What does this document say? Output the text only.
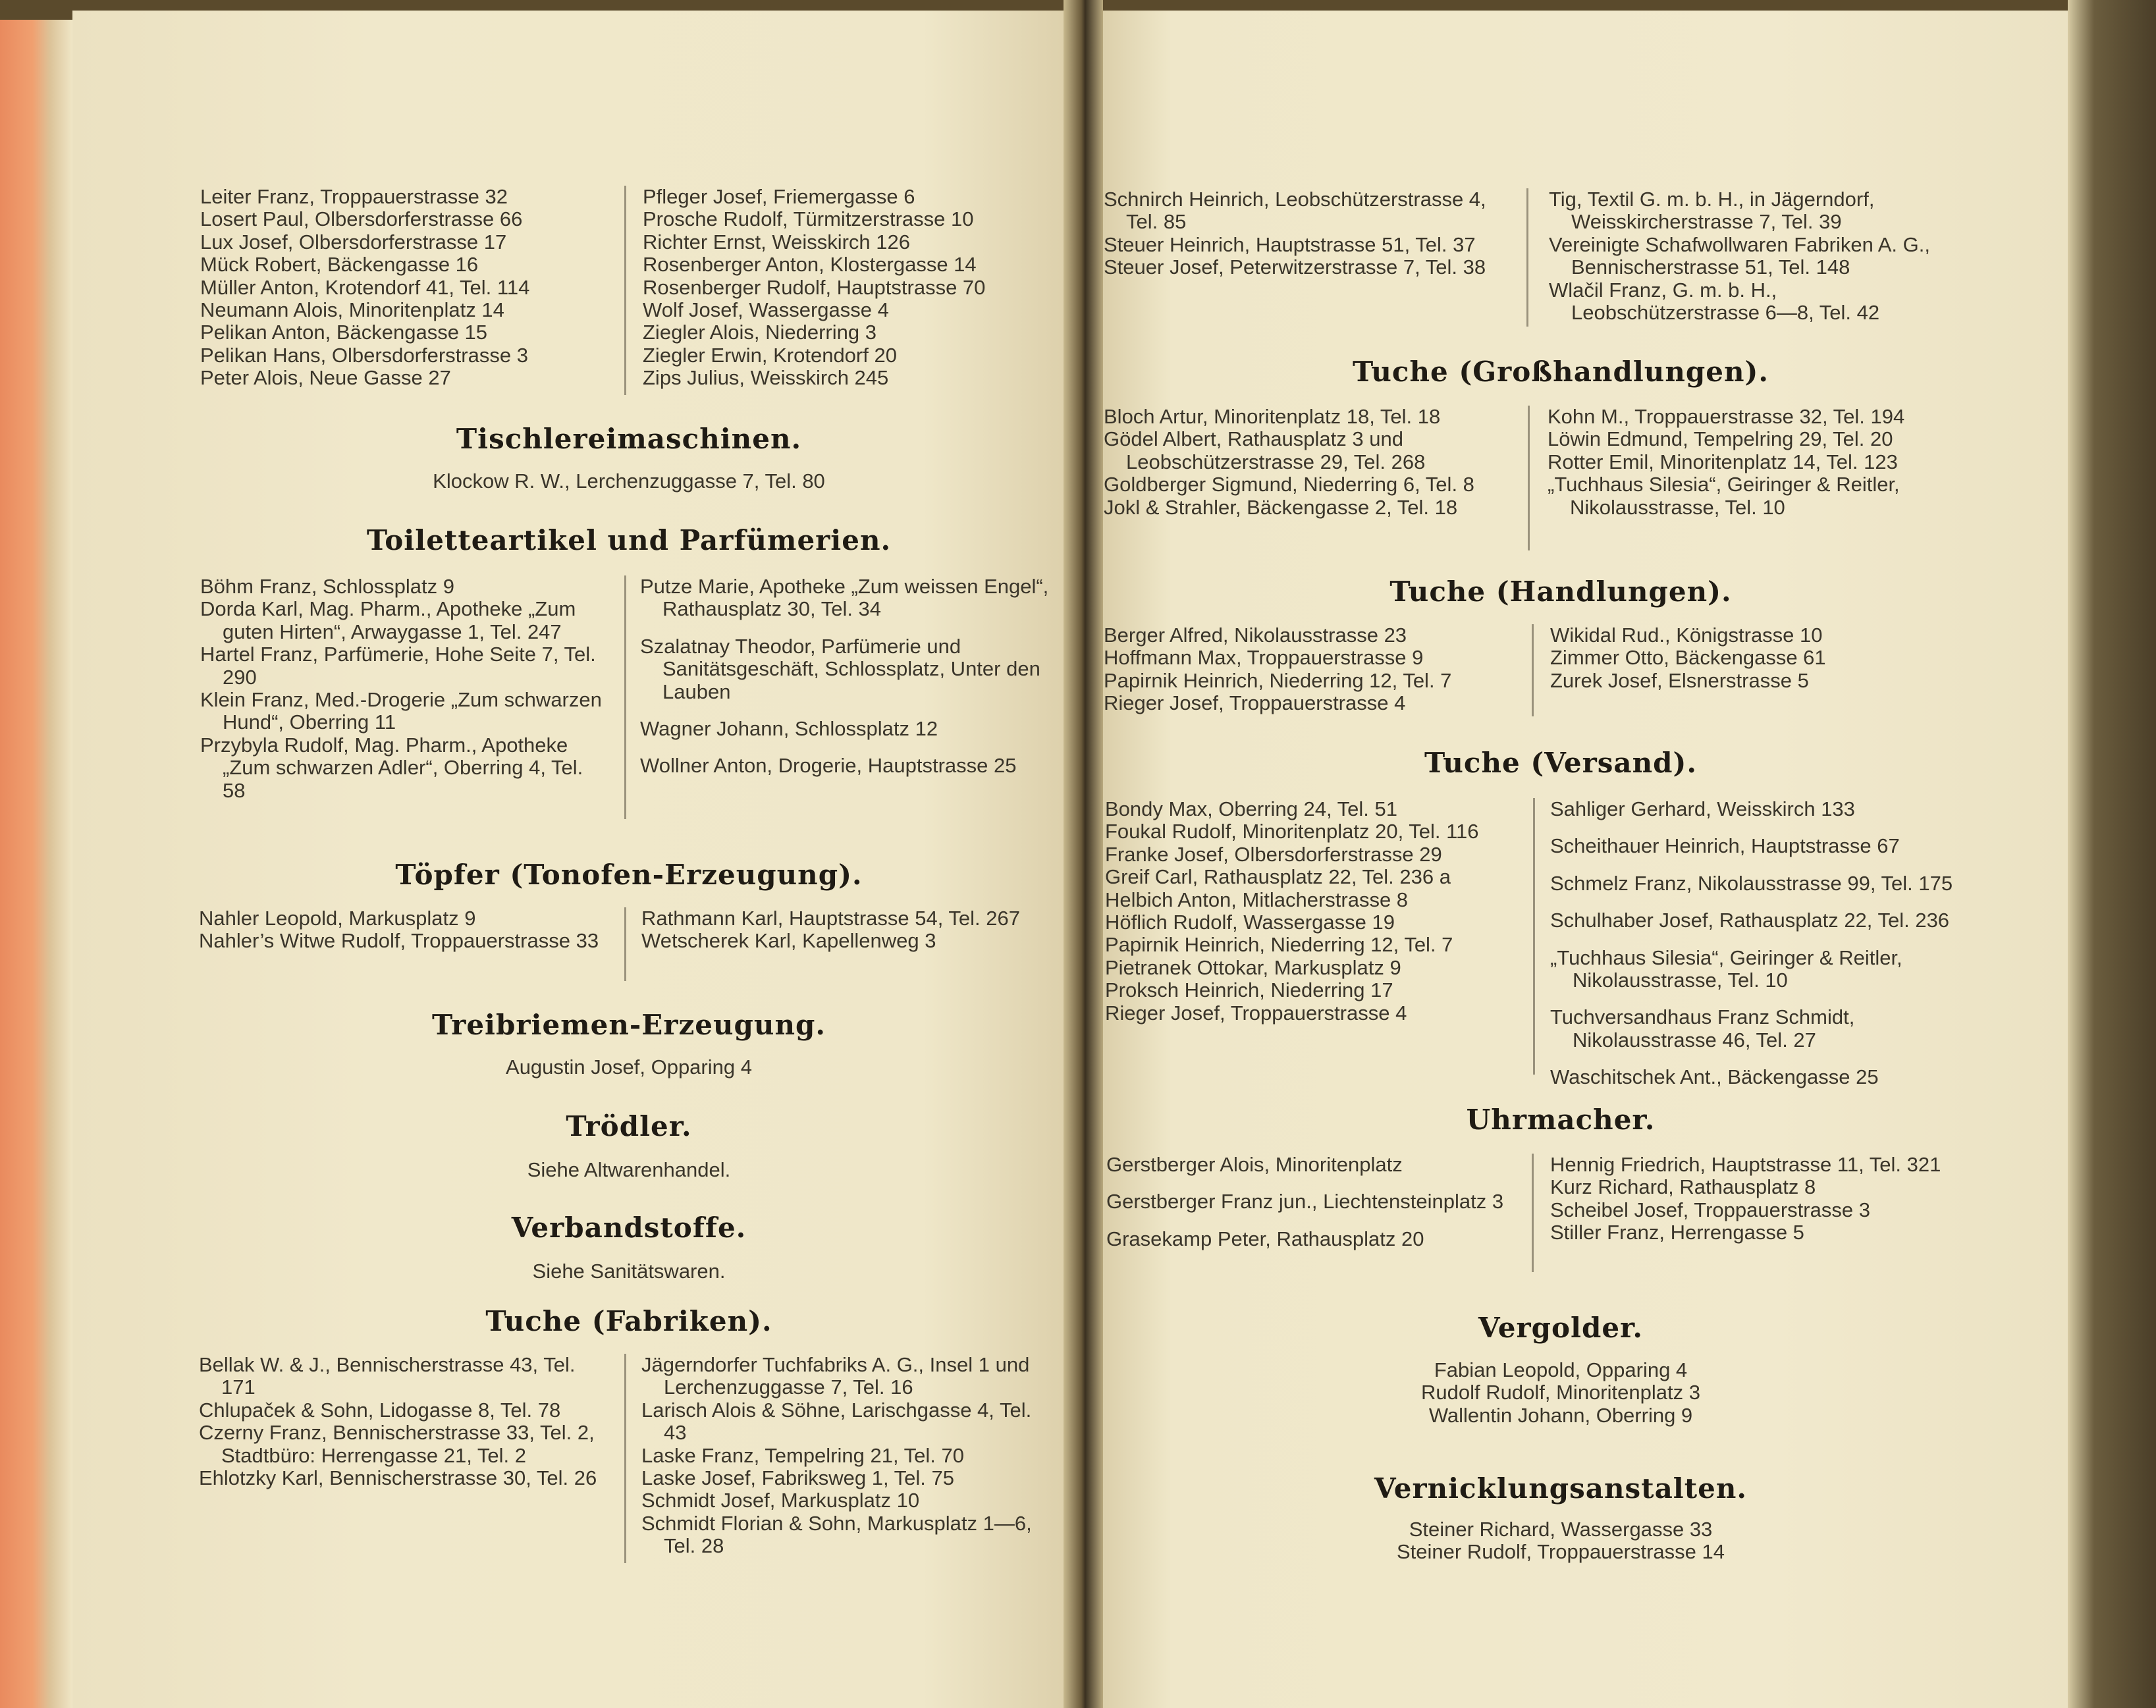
Leiter Franz, Troppauerstrasse 32

Losert Paul, Olbersdorferstrasse 66

Lux Josef, Olbersdorferstrasse 17

Mück Robert, Bäckengasse 16

Müller Anton, Krotendorf 41, Tel. 114

Neumann Alois, Minoritenplatz 14

Pelikan Anton, Bäckengasse 15

Pelikan Hans, Olbersdorferstrasse 3

Peter Alois, Neue Gasse 27

Pfleger Josef, Friemergasse 6

Prosche Rudolf, Türmitzerstrasse 10

Richter Ernst, Weisskirch 126

Rosenberger Anton, Klostergasse 14

Rosenberger Rudolf, Hauptstrasse 70

Wolf Josef, Wassergasse 4

Ziegler Alois, Niederring 3

Ziegler Erwin, Krotendorf 20

Zips Julius, Weisskirch 245

Tischlereimaschinen.
Klockow R. W., Lerchenzuggasse 7, Tel. 80
Toiletteartikel und Parfümerien.

Böhm Franz, Schlossplatz 9

Dorda Karl, Mag. Pharm., Apotheke „Zum guten Hirten“, Arwaygasse 1, Tel. 247

Hartel Franz, Parfümerie, Hohe Seite 7, Tel. 290

Klein Franz, Med.-Drogerie „Zum schwarzen Hund“, Oberring 11

Przybyla Rudolf, Mag. Pharm., Apotheke „Zum schwarzen Adler“, Oberring 4, Tel. 58

Putze Marie, Apotheke „Zum weissen Engel“, Rathausplatz 30, Tel. 34

Szalatnay Theodor, Parfümerie und Sanitätsgeschäft, Schlossplatz, Unter den Lauben

Wagner Johann, Schlossplatz 12

Wollner Anton, Drogerie, Hauptstrasse 25

Töpfer (Tonofen-Erzeugung).

Nahler Leopold, Markusplatz 9

Nahler’s Witwe Rudolf, Troppauerstrasse 33

Rathmann Karl, Hauptstrasse 54, Tel. 267

Wetscherek Karl, Kapellenweg 3

Treibriemen-Erzeugung.
Augustin Josef, Opparing 4
Trödler.
Siehe Altwarenhandel.
Verbandstoffe.
Siehe Sanitätswaren.
Tuche (Fabriken).

Bellak W. & J., Bennischerstrasse 43, Tel. 171

Chlupaček & Sohn, Lidogasse 8, Tel. 78

Czerny Franz, Bennischerstrasse 33, Tel. 2, Stadtbüro: Herrengasse 21, Tel. 2

Ehlotzky Karl, Bennischerstrasse 30, Tel. 26

Jägerndorfer Tuchfabriks A. G., Insel 1 und Lerchenzuggasse 7, Tel. 16

Larisch Alois & Söhne, Larischgasse 4, Tel. 43

Laske Franz, Tempelring 21, Tel. 70

Laske Josef, Fabriksweg 1, Tel. 75

Schmidt Josef, Markusplatz 10

Schmidt Florian & Sohn, Markusplatz 1—6, Tel. 28

Schnirch Heinrich, Leobschützerstrasse 4, Tel. 85

Steuer Heinrich, Hauptstrasse 51, Tel. 37

Steuer Josef, Peterwitzerstrasse 7, Tel. 38

Tig, Textil G. m. b. H., in Jägerndorf, Weisskircherstrasse 7, Tel. 39

Vereinigte Schafwollwaren Fabriken A. G., Bennischerstrasse 51, Tel. 148

Wlačil Franz, G. m. b. H., Leobschützerstrasse 6—8, Tel. 42

Tuche (Großhandlungen).

Bloch Artur, Minoritenplatz 18, Tel. 18

Gödel Albert, Rathausplatz 3 und Leobschützerstrasse 29, Tel. 268

Goldberger Sigmund, Niederring 6, Tel. 8

Jokl & Strahler, Bäckengasse 2, Tel. 18

Kohn M., Troppauerstrasse 32, Tel. 194

Löwin Edmund, Tempelring 29, Tel. 20

Rotter Emil, Minoritenplatz 14, Tel. 123

„Tuchhaus Silesia“, Geiringer & Reitler, Nikolausstrasse, Tel. 10

Tuche (Handlungen).

Berger Alfred, Nikolausstrasse 23

Hoffmann Max, Troppauerstrasse 9

Papirnik Heinrich, Niederring 12, Tel. 7

Rieger Josef, Troppauerstrasse 4

Wikidal Rud., Königstrasse 10

Zimmer Otto, Bäckengasse 61

Zurek Josef, Elsnerstrasse 5

Tuche (Versand).

Bondy Max, Oberring 24, Tel. 51

Foukal Rudolf, Minoritenplatz 20, Tel. 116

Franke Josef, Olbersdorferstrasse 29

Greif Carl, Rathausplatz 22, Tel. 236 a

Helbich Anton, Mitlacherstrasse 8

Höflich Rudolf, Wassergasse 19

Papirnik Heinrich, Niederring 12, Tel. 7

Pietranek Ottokar, Markusplatz 9

Proksch Heinrich, Niederring 17

Rieger Josef, Troppauerstrasse 4

Sahliger Gerhard, Weisskirch 133

Scheithauer Heinrich, Hauptstrasse 67

Schmelz Franz, Nikolausstrasse 99, Tel. 175

Schulhaber Josef, Rathausplatz 22, Tel. 236

„Tuchhaus Silesia“, Geiringer & Reitler, Nikolausstrasse, Tel. 10

Tuchversandhaus Franz Schmidt, Nikolausstrasse 46, Tel. 27

Waschitschek Ant., Bäckengasse 25

Uhrmacher.

Gerstberger Alois, Minoritenplatz

Gerstberger Franz jun., Liechtensteinplatz 3

Grasekamp Peter, Rathausplatz 20

Hennig Friedrich, Hauptstrasse 11, Tel. 321

Kurz Richard, Rathausplatz 8

Scheibel Josef, Troppauerstrasse 3

Stiller Franz, Herrengasse 5

Vergolder.
Fabian Leopold, Opparing 4
Rudolf Rudolf, Minoritenplatz 3
Wallentin Johann, Oberring 9
Vernicklungsanstalten.
Steiner Richard, Wassergasse 33
Steiner Rudolf, Troppauerstrasse 14
